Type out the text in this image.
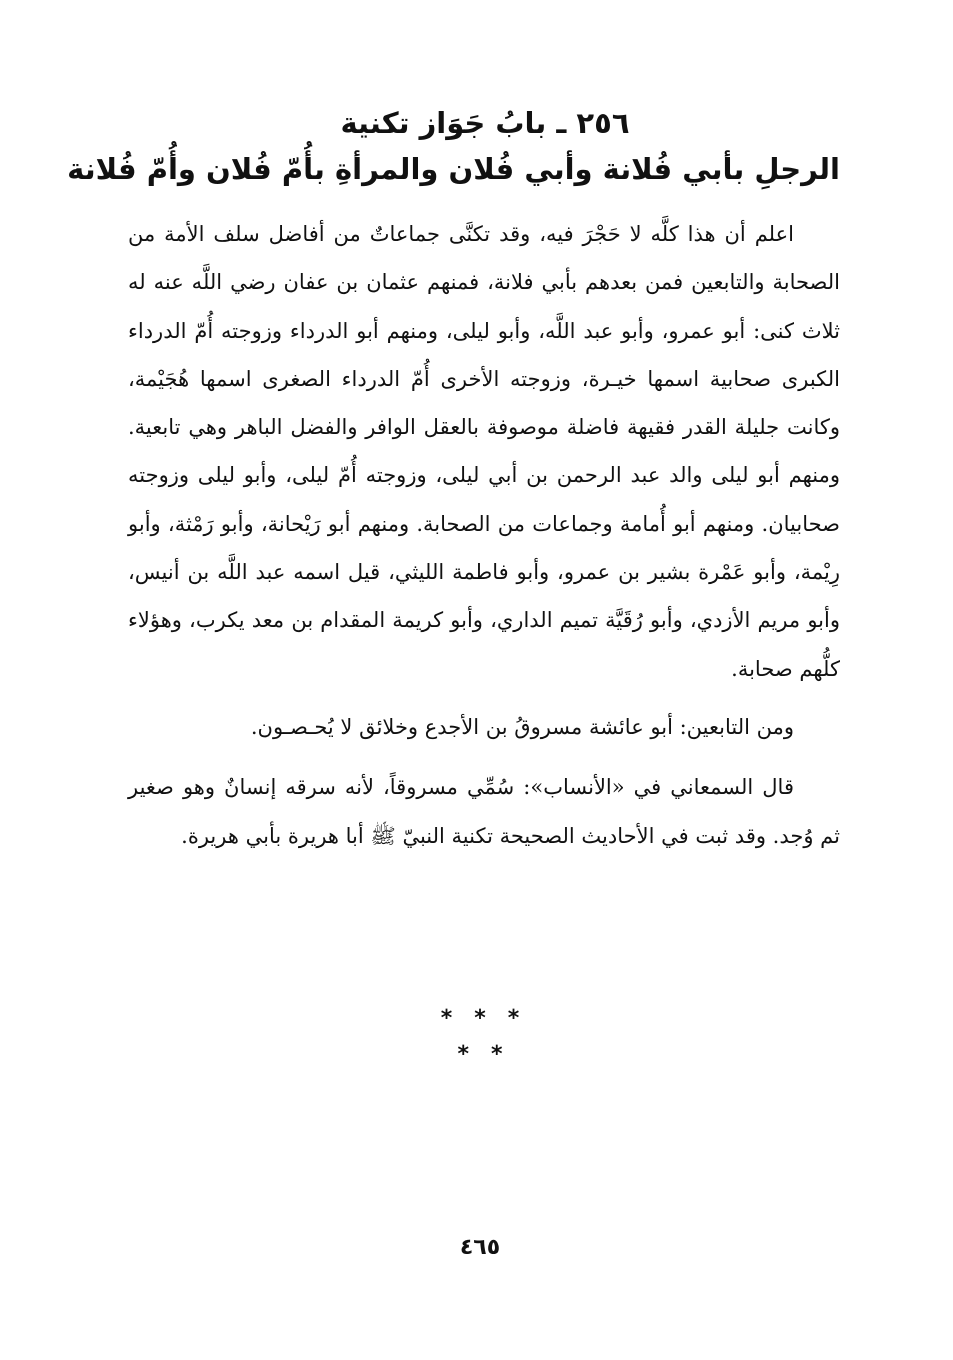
٢٥٦ ـ بابُ جَوَاز تكنية
الرجلِ بأبي فُلانة وأبي فُلان والمرأةِ بأُمّ فُلان وأُمّ فُلانة

اعلم أن هذا كلَّه لا حَجْرَ فيه، وقد تكنَّى جماعاتٌ من أفاضل سلف الأمة من الصحابة والتابعين فمن بعدهم بأبي فلانة، فمنهم عثمان بن عفان رضي اللَّه عنه له ثلاث كنى: أبو عمرو، وأبو عبد اللَّه، وأبو ليلى، ومنهم أبو الدرداء وزوجته أُمّ الدرداء الكبرى صحابية اسمها خيـرة، وزوجته الأخرى أُمّ الدرداء الصغرى اسمها هُجَيْمة، وكانت جليلة القدر فقيهة فاضلة موصوفة بالعقل الوافر والفضل الباهر وهي تابعية. ومنهم أبو ليلى والد عبد الرحمن بن أبي ليلى، وزوجته أُمّ ليلى، وأبو ليلى وزوجته صحابيان. ومنهم أبو أُمامة وجماعات من الصحابة. ومنهم أبو رَيْحانة، وأبو رَمْثة، وأبو رِيْمة، وأبو عَمْرة بشير بن عمرو، وأبو فاطمة الليثي، قيل اسمه عبد اللَّه بن أنيس، وأبو مريم الأزدي، وأبو رُقَيَّة تميم الداري، وأبو كريمة المقدام بن معد يكرب، وهؤلاء كلُّهم صحابة.

ومن التابعين: أبو عائشة مسروقُ بن الأجدع وخلائق لا يُحـصـون.

قال السمعاني في «الأنساب»: سُمِّي مسروقاً، لأنه سرقه إنسانٌ وهو صغير ثم وُجد. وقد ثبت في الأحاديث الصحيحة تكنية النبيّ ﷺ أبا هريرة بأبي هريرة.

***
**
٤٦٥
